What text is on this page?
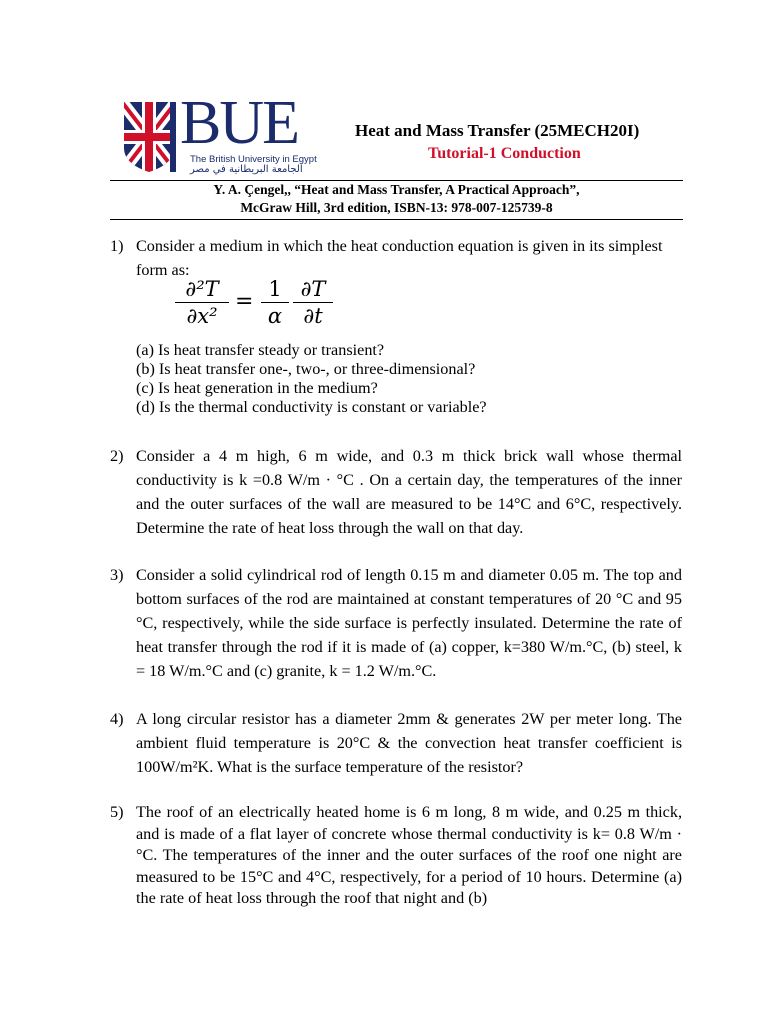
BUE
The British University in Egypt
الجامعة البريطانية في مصر
Heat and Mass Transfer (25MECH20I)
Tutorial-1 Conduction
Y. A. Çengel,, “Heat and Mass Transfer, A Practical Approach”,
McGraw Hill, 3rd edition, ISBN-13: 978-007-125739-8
1) Consider a medium in which the heat conduction equation is given in its simplest form as:
∂²T
∂x²
= 1
α
∂T
∂t
(a) Is heat transfer steady or transient?
(b) Is heat transfer one-, two-, or three-dimensional?
(c) Is heat generation in the medium?
(d) Is the thermal conductivity is constant or variable?
2) Consider a 4 m high, 6 m wide, and 0.3 m thick brick wall whose thermal conductivity is k =0.8 W/m · °C . On a certain day, the temperatures of the inner and the outer surfaces of the wall are measured to be 14°C and 6°C, respectively. Determine the rate of heat loss through the wall on that day.
3) Consider a solid cylindrical rod of length 0.15 m and diameter 0.05 m. The top and bottom surfaces of the rod are maintained at constant temperatures of 20 °C and 95 °C, respectively, while the side surface is perfectly insulated. Determine the rate of heat transfer through the rod if it is made of (a) copper, k=380 W/m.°C, (b) steel, k = 18 W/m.°C and (c) granite, k = 1.2 W/m.°C.
4) A long circular resistor has a diameter 2mm & generates 2W per meter long. The ambient fluid temperature is 20°C & the convection heat transfer coefficient is 100W/m²K. What is the surface temperature of the resistor?
5) The roof of an electrically heated home is 6 m long, 8 m wide, and 0.25 m thick, and is made of a flat layer of concrete whose thermal conductivity is k= 0.8 W/m · °C. The temperatures of the inner and the outer surfaces of the roof one night are measured to be 15°C and 4°C, respectively, for a period of 10 hours. Determine (a) the rate of heat loss through the roof that night and (b)
